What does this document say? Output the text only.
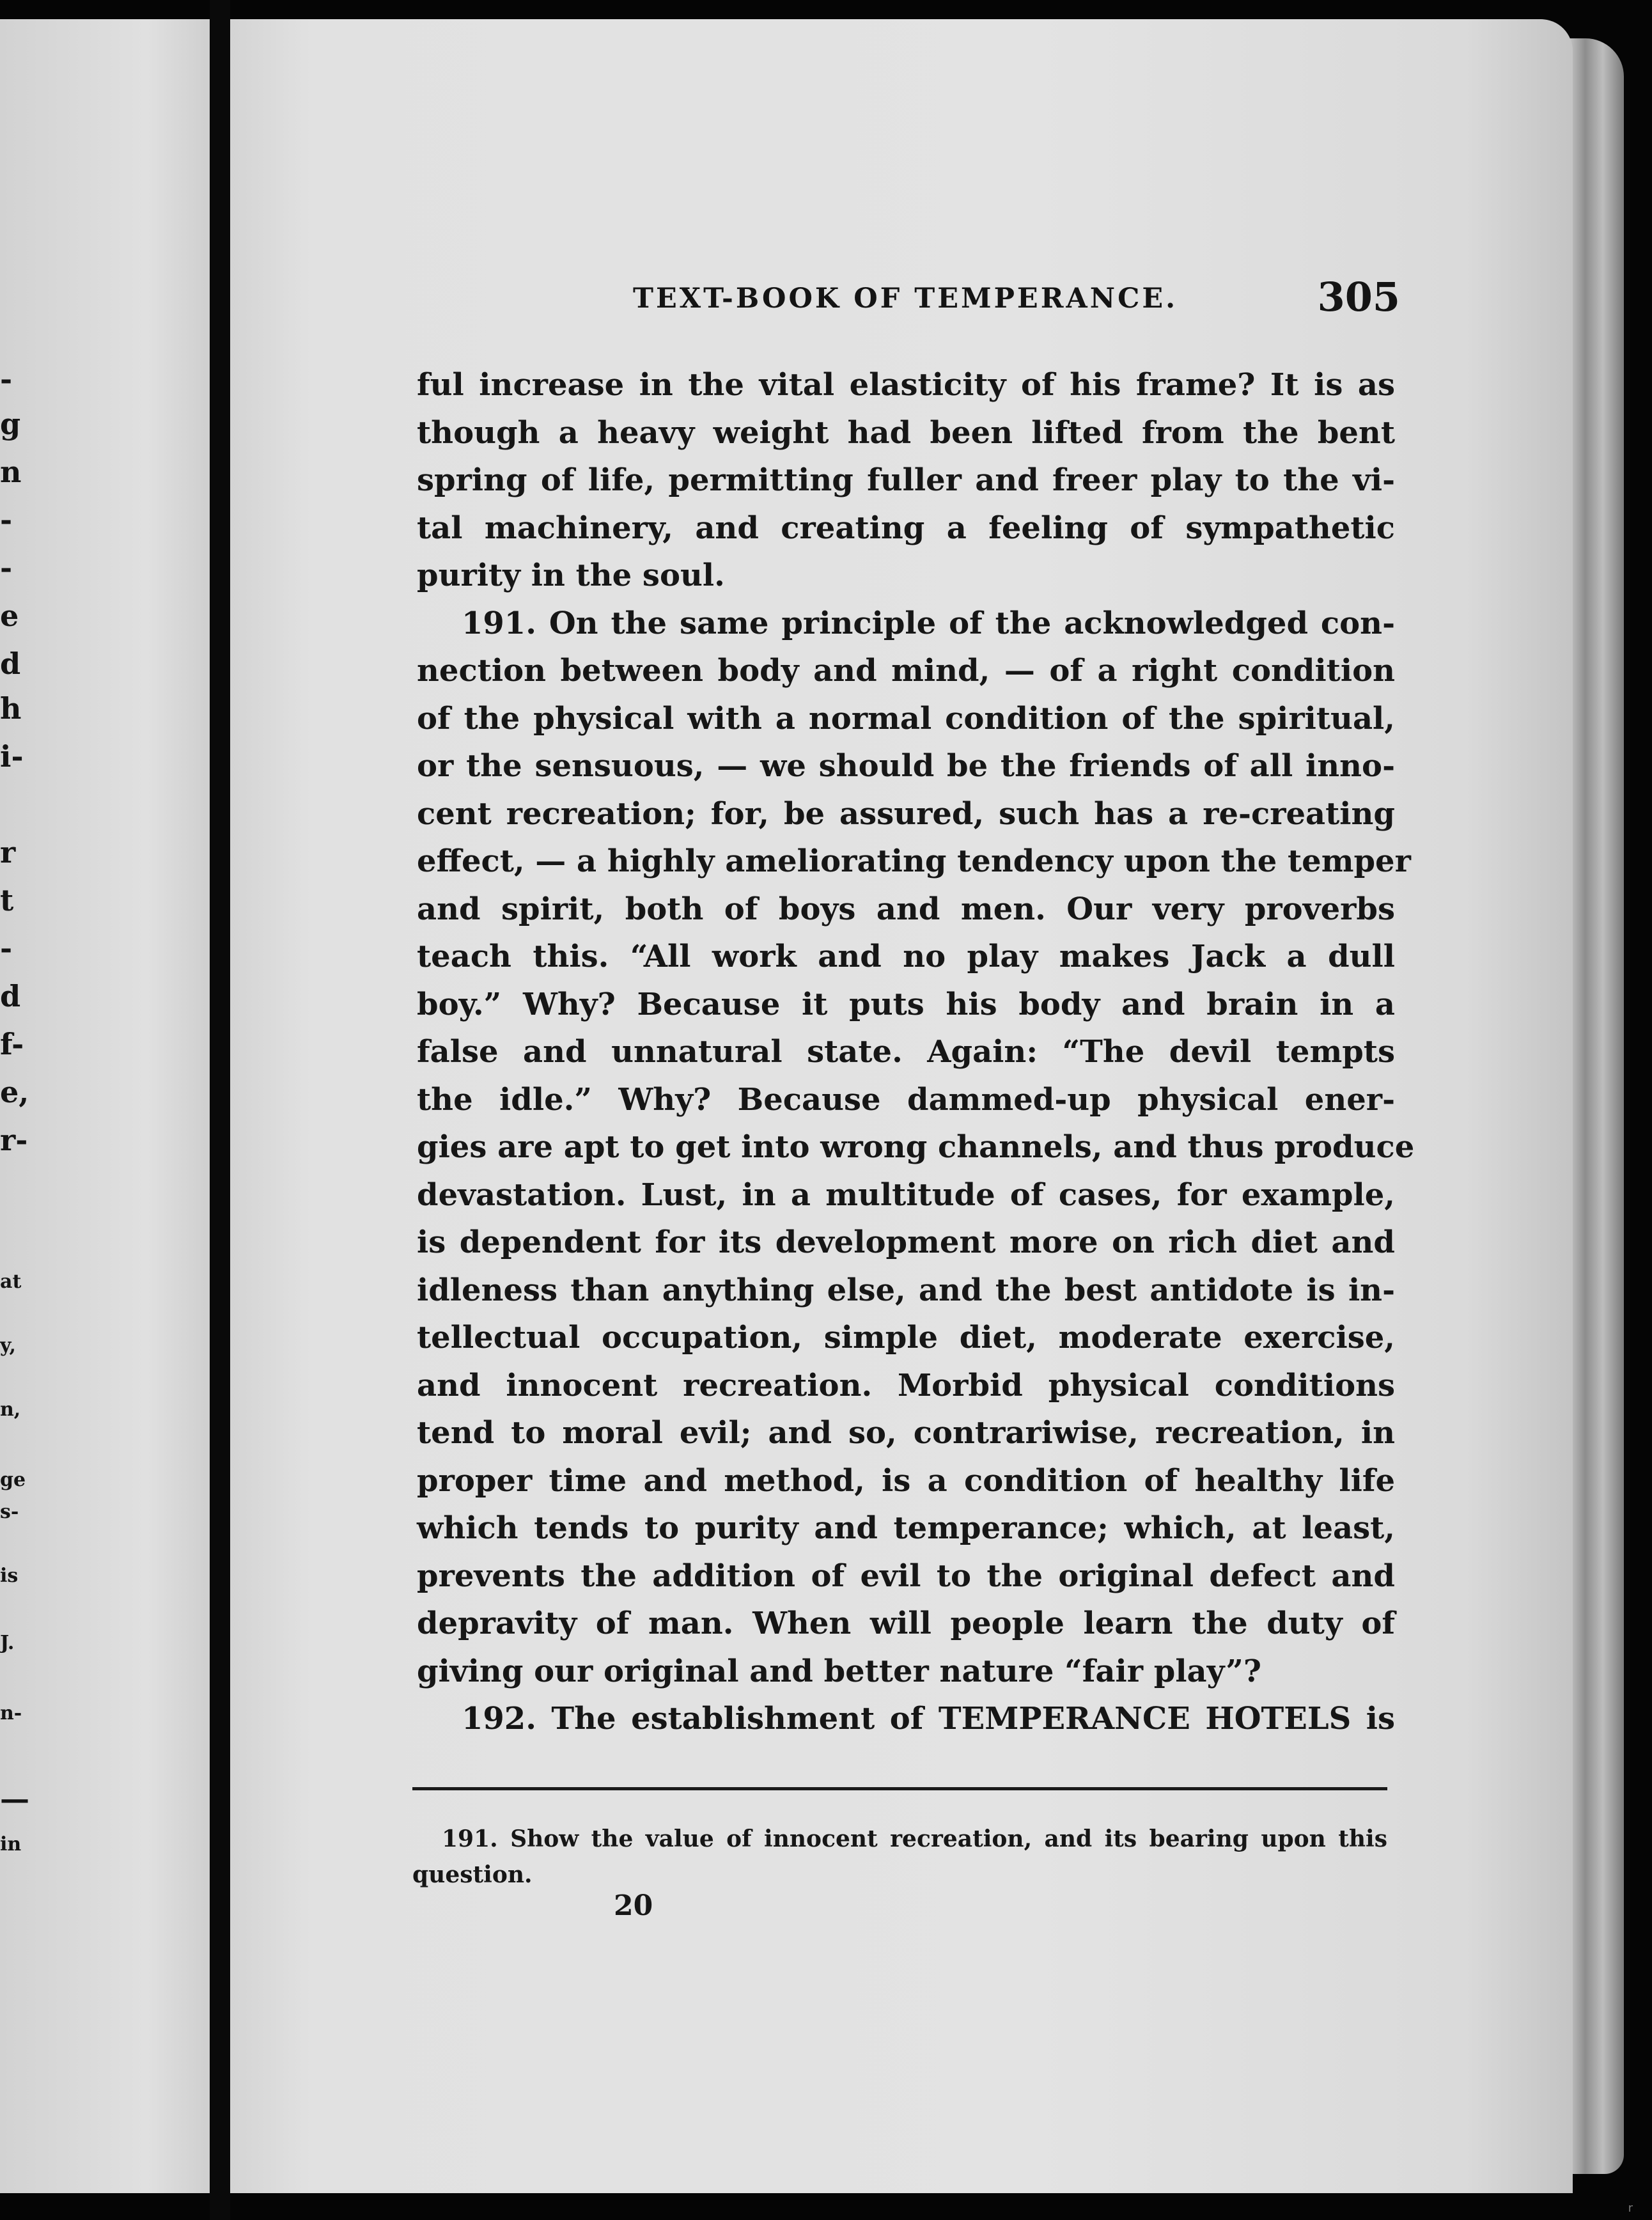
-
g
n
-
-
e
d
h
i-
r
t
-
d
f-
e,
r-
at
y,
n,
ge
s-
is
J.
n-
—
in
TEXT-BOOK OF TEMPERANCE.	305
ful increase in the vital elasticity of his frame? It is as
though a heavy weight had been lifted from the bent
spring of life, permitting fuller and freer play to the vi-
tal machinery, and creating a feeling of sympathetic
purity in the soul.
191. On the same principle of the acknowledged con-
nection between body and mind, — of a right condition
of the physical with a normal condition of the spiritual,
or the sensuous, — we should be the friends of all inno-
cent recreation; for, be assured, such has a re-creating
effect, — a highly ameliorating tendency upon the temper
and spirit, both of boys and men. Our very proverbs
teach this. “All work and no play makes Jack a dull
boy.” Why? Because it puts his body and brain in a
false and unnatural state. Again: “The devil tempts
the idle.” Why? Because dammed-up physical ener-
gies are apt to get into wrong channels, and thus produce
devastation. Lust, in a multitude of cases, for example,
is dependent for its development more on rich diet and
idleness than anything else, and the best antidote is in-
tellectual occupation, simple diet, moderate exercise,
and innocent recreation. Morbid physical conditions
tend to moral evil; and so, contrariwise, recreation, in
proper time and method, is a condition of healthy life
which tends to purity and temperance; which, at least,
prevents the addition of evil to the original defect and
depravity of man. When will people learn the duty of
giving our original and better nature “fair play”?
192. The establishment of TEMPERANCE HOTELS is
191. Show the value of innocent recreation, and its bearing upon this
question.
20
r
